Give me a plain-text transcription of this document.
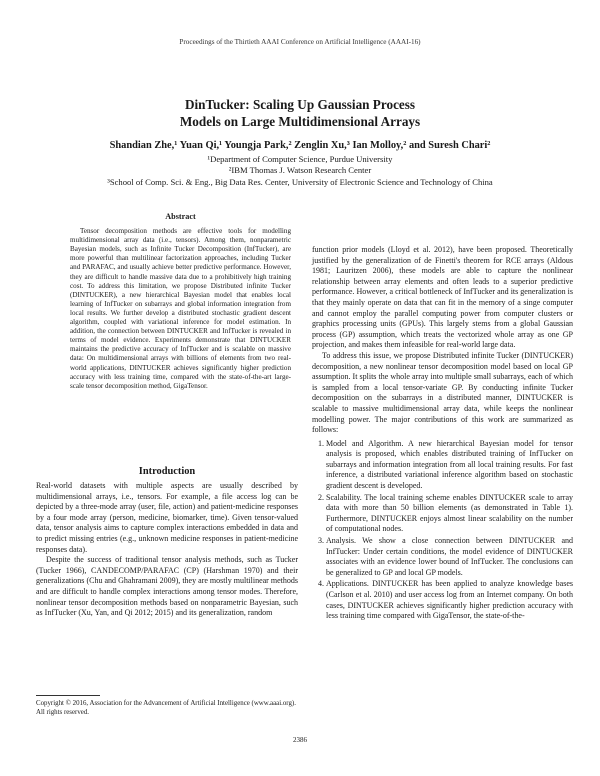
Proceedings of the Thirtieth AAAI Conference on Artificial Intelligence (AAAI-16)
DinTucker: Scaling Up Gaussian Process
Models on Large Multidimensional Arrays
Shandian Zhe,¹ Yuan Qi,¹ Youngja Park,² Zenglin Xu,³ Ian Molloy,² and Suresh Chari²
¹Department of Computer Science, Purdue University
²IBM Thomas J. Watson Research Center
³School of Comp. Sci. & Eng., Big Data Res. Center, University of Electronic Science and Technology of China
Abstract

Tensor decomposition methods are effective tools for modelling multidimensional array data (i.e., tensors). Among them, nonparametric Bayesian models, such as Infinite Tucker Decomposition (InfTucker), are more powerful than multilinear factorization approaches, including Tucker and PARAFAC, and usually achieve better predictive performance. However, they are difficult to handle massive data due to a prohibitively high training cost. To address this limitation, we propose Distributed infinite Tucker (DINTUCKER), a new hierarchical Bayesian model that enables local learning of InfTucker on subarrays and global information integration from local results. We further develop a distributed stochastic gradient descent algorithm, coupled with variational inference for model estimation. In addition, the connection between DINTUCKER and InfTucker is revealed in terms of model evidence. Experiments demonstrate that DINTUCKER maintains the predictive accuracy of InfTucker and is scalable on massive data: On multidimensional arrays with billions of elements from two real-world applications, DINTUCKER achieves significantly higher prediction accuracy with less training time, compared with the state-of-the-art large-scale tensor decomposition method, GigaTensor.

Introduction

Real-world datasets with multiple aspects are usually described by multidimensional arrays, i.e., tensors. For example, a file access log can be depicted by a three-mode array (user, file, action) and patient-medicine responses by a four mode array (person, medicine, biomarker, time). Given tensor-valued data, tensor analysis aims to capture complex interactions embedded in data and to predict missing entries (e.g., unknown medicine responses in patient-medicine responses data).

Despite the success of traditional tensor analysis methods, such as Tucker (Tucker 1966), CANDECOMP/PARAFAC (CP) (Harshman 1970) and their generalizations (Chu and Ghahramani 2009), they are mostly multilinear methods and are difficult to handle complex interactions among tensor modes. Therefore, nonlinear tensor decomposition methods based on nonparametric Bayesian, such as InfTucker (Xu, Yan, and Qi 2012; 2015) and its generalization, random

Copyright © 2016, Association for the Advancement of Artificial Intelligence (www.aaai.org). All rights reserved.

function prior models (Lloyd et al. 2012), have been proposed. Theoretically justified by the generalization of de Finetti's theorem for RCE arrays (Aldous 1981; Lauritzen 2006), these models are able to capture the nonlinear relationship between array elements and often leads to a superior predictive performance. However, a critical bottleneck of InfTucker and its generalization is that they mainly operate on data that can fit in the memory of a singe computer and cannot employ the parallel computing power from computer clusters or graphics processing units (GPUs). This largely stems from a global Gaussian process (GP) assumption, which treats the vectorized whole array as one GP projection, and makes them infeasible for real-world large data.

To address this issue, we propose Distributed infinite Tucker (DINTUCKER) decomposition, a new nonlinear tensor decomposition model based on local GP assumption. It splits the whole array into multiple small subarrays, each of which is sampled from a local tensor-variate GP. By conducting infinite Tucker decomposition on the subarrays in a distributed manner, DINTUCKER is scalable to massive multidimensional array data, while keeps the nonlinear modelling power. The major contributions of this work are summarized as follows:

1. Model and Algorithm. A new hierarchical Bayesian model for tensor analysis is proposed, which enables distributed training of InfTucker on subarrays and information integration from all local training results. For fast inference, a distributed variational inference algorithm based on stochastic gradient descent is developed.
2. Scalability. The local training scheme enables DINTUCKER scale to array data with more than 50 billion elements (as demonstrated in Table 1). Furthermore, DINTUCKER enjoys almost linear scalability on the number of computational nodes.
3. Analysis. We show a close connection between DINTUCKER and InfTucker: Under certain conditions, the model evidence of DINTUCKER associates with an evidence lower bound of InfTucker. The conclusions can be generalized to GP and local GP models.
4. Applications. DINTUCKER has been applied to analyze knowledge bases (Carlson et al. 2010) and user access log from an Internet company. On both cases, DINTUCKER achieves significantly higher prediction accuracy with less training time compared with GigaTensor, the state-of-the-
2386
